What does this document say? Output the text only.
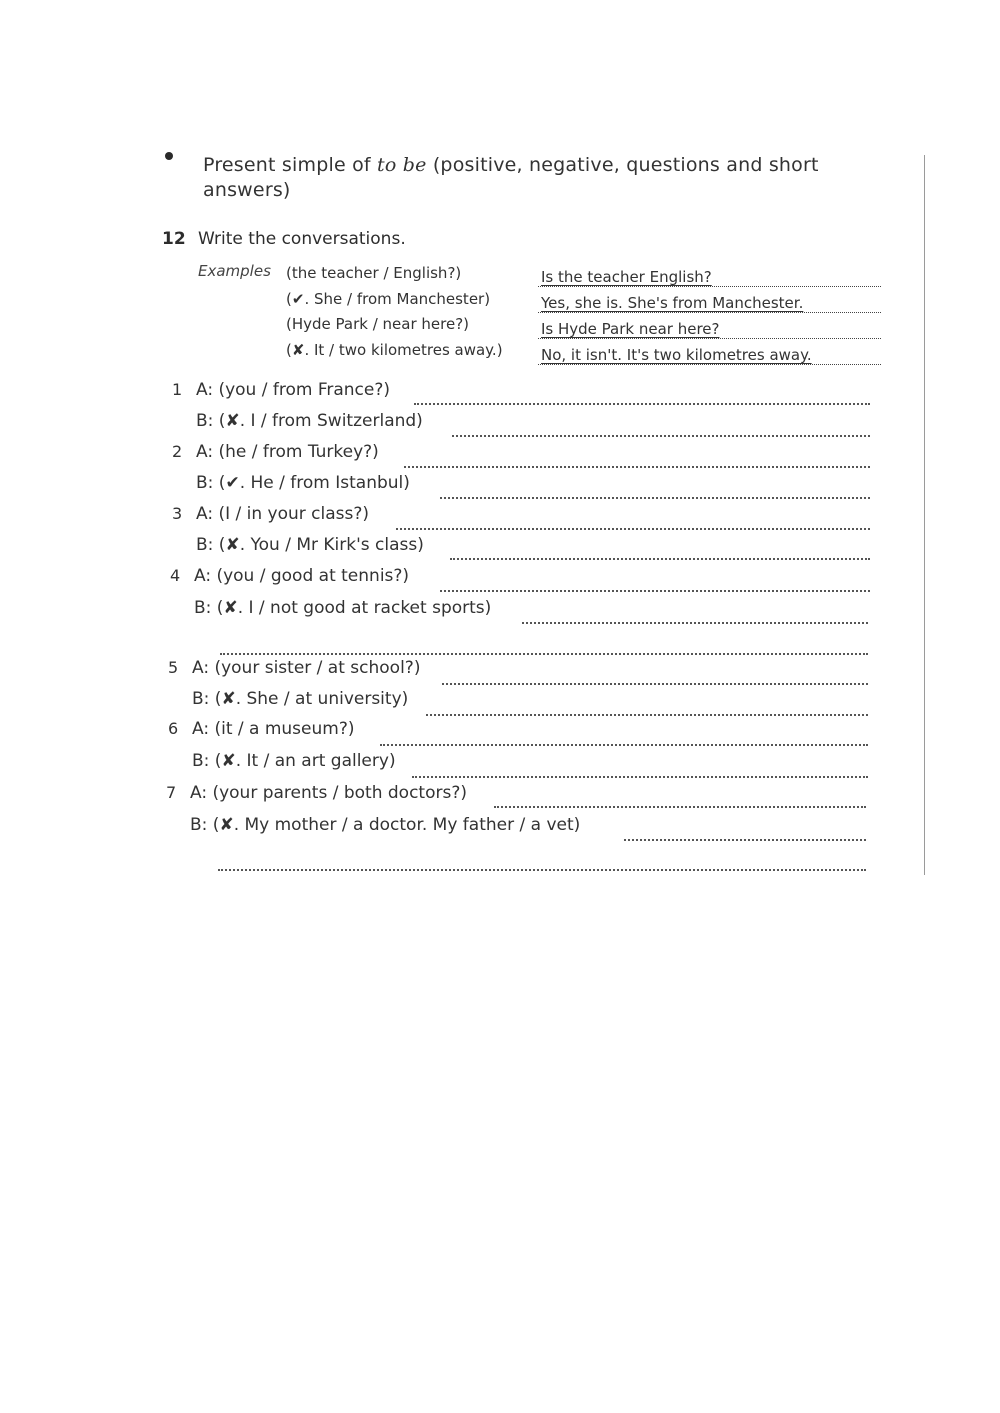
Present simple of to be (positive, negative, questions and short
answers)
12 Write the conversations.
Examples (the teacher / English?)	Is the teacher English?
(✔. She / from Manchester)	Yes, she is. She's from Manchester.
(Hyde Park / near here?)	Is Hyde Park near here?
(✘. It / two kilometres away.)	No, it isn't. It's two kilometres away.
1 A: (you / from France?)
B: (✘. I / from Switzerland)
2 A: (he / from Turkey?)
B: (✔. He / from Istanbul)
3 A: (I / in your class?)
B: (✘. You / Mr Kirk's class)
4 A: (you / good at tennis?)
B: (✘. I / not good at racket sports)
5 A: (your sister / at school?)
B: (✘. She / at university)
6 A: (it / a museum?)
B: (✘. It / an art gallery)
7 A: (your parents / both doctors?)
B: (✘. My mother / a doctor. My father / a vet)
